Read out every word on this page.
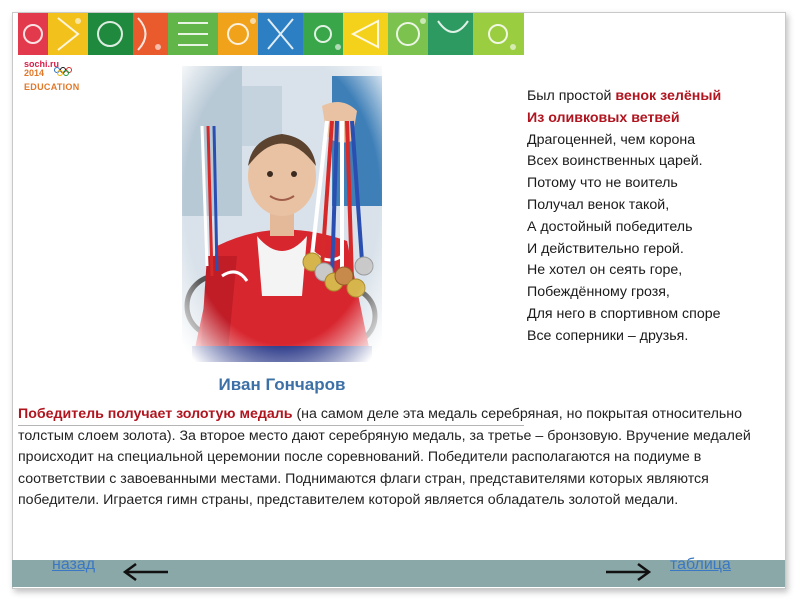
sochi.ru
2014
EDUCATION
Иван Гончаров
Был простой венок зелёный
Из оливковых ветвей
Драгоценней, чем корона
Всех воинственных царей.
Потому что не воитель
Получал венок такой,
А достойный победитель
И действительно герой.
Не хотел он сеять горе,
Побеждённому грозя,
Для него в спортивном споре
Все соперники – друзья.
Победитель получает золотую медаль (на самом деле эта медаль серебряная, но покрытая относительно толстым слоем золота). За второе место дают серебряную медаль, за третье – бронзовую. Вручение медалей происходит на специальной церемонии после соревнований. Победители располагаются на подиуме в соответствии с завоеванными местами. Поднимаются флаги стран, представителями которых являются победители. Играется гимн страны, представителем которой является обладатель золотой медали.
назад	таблица
